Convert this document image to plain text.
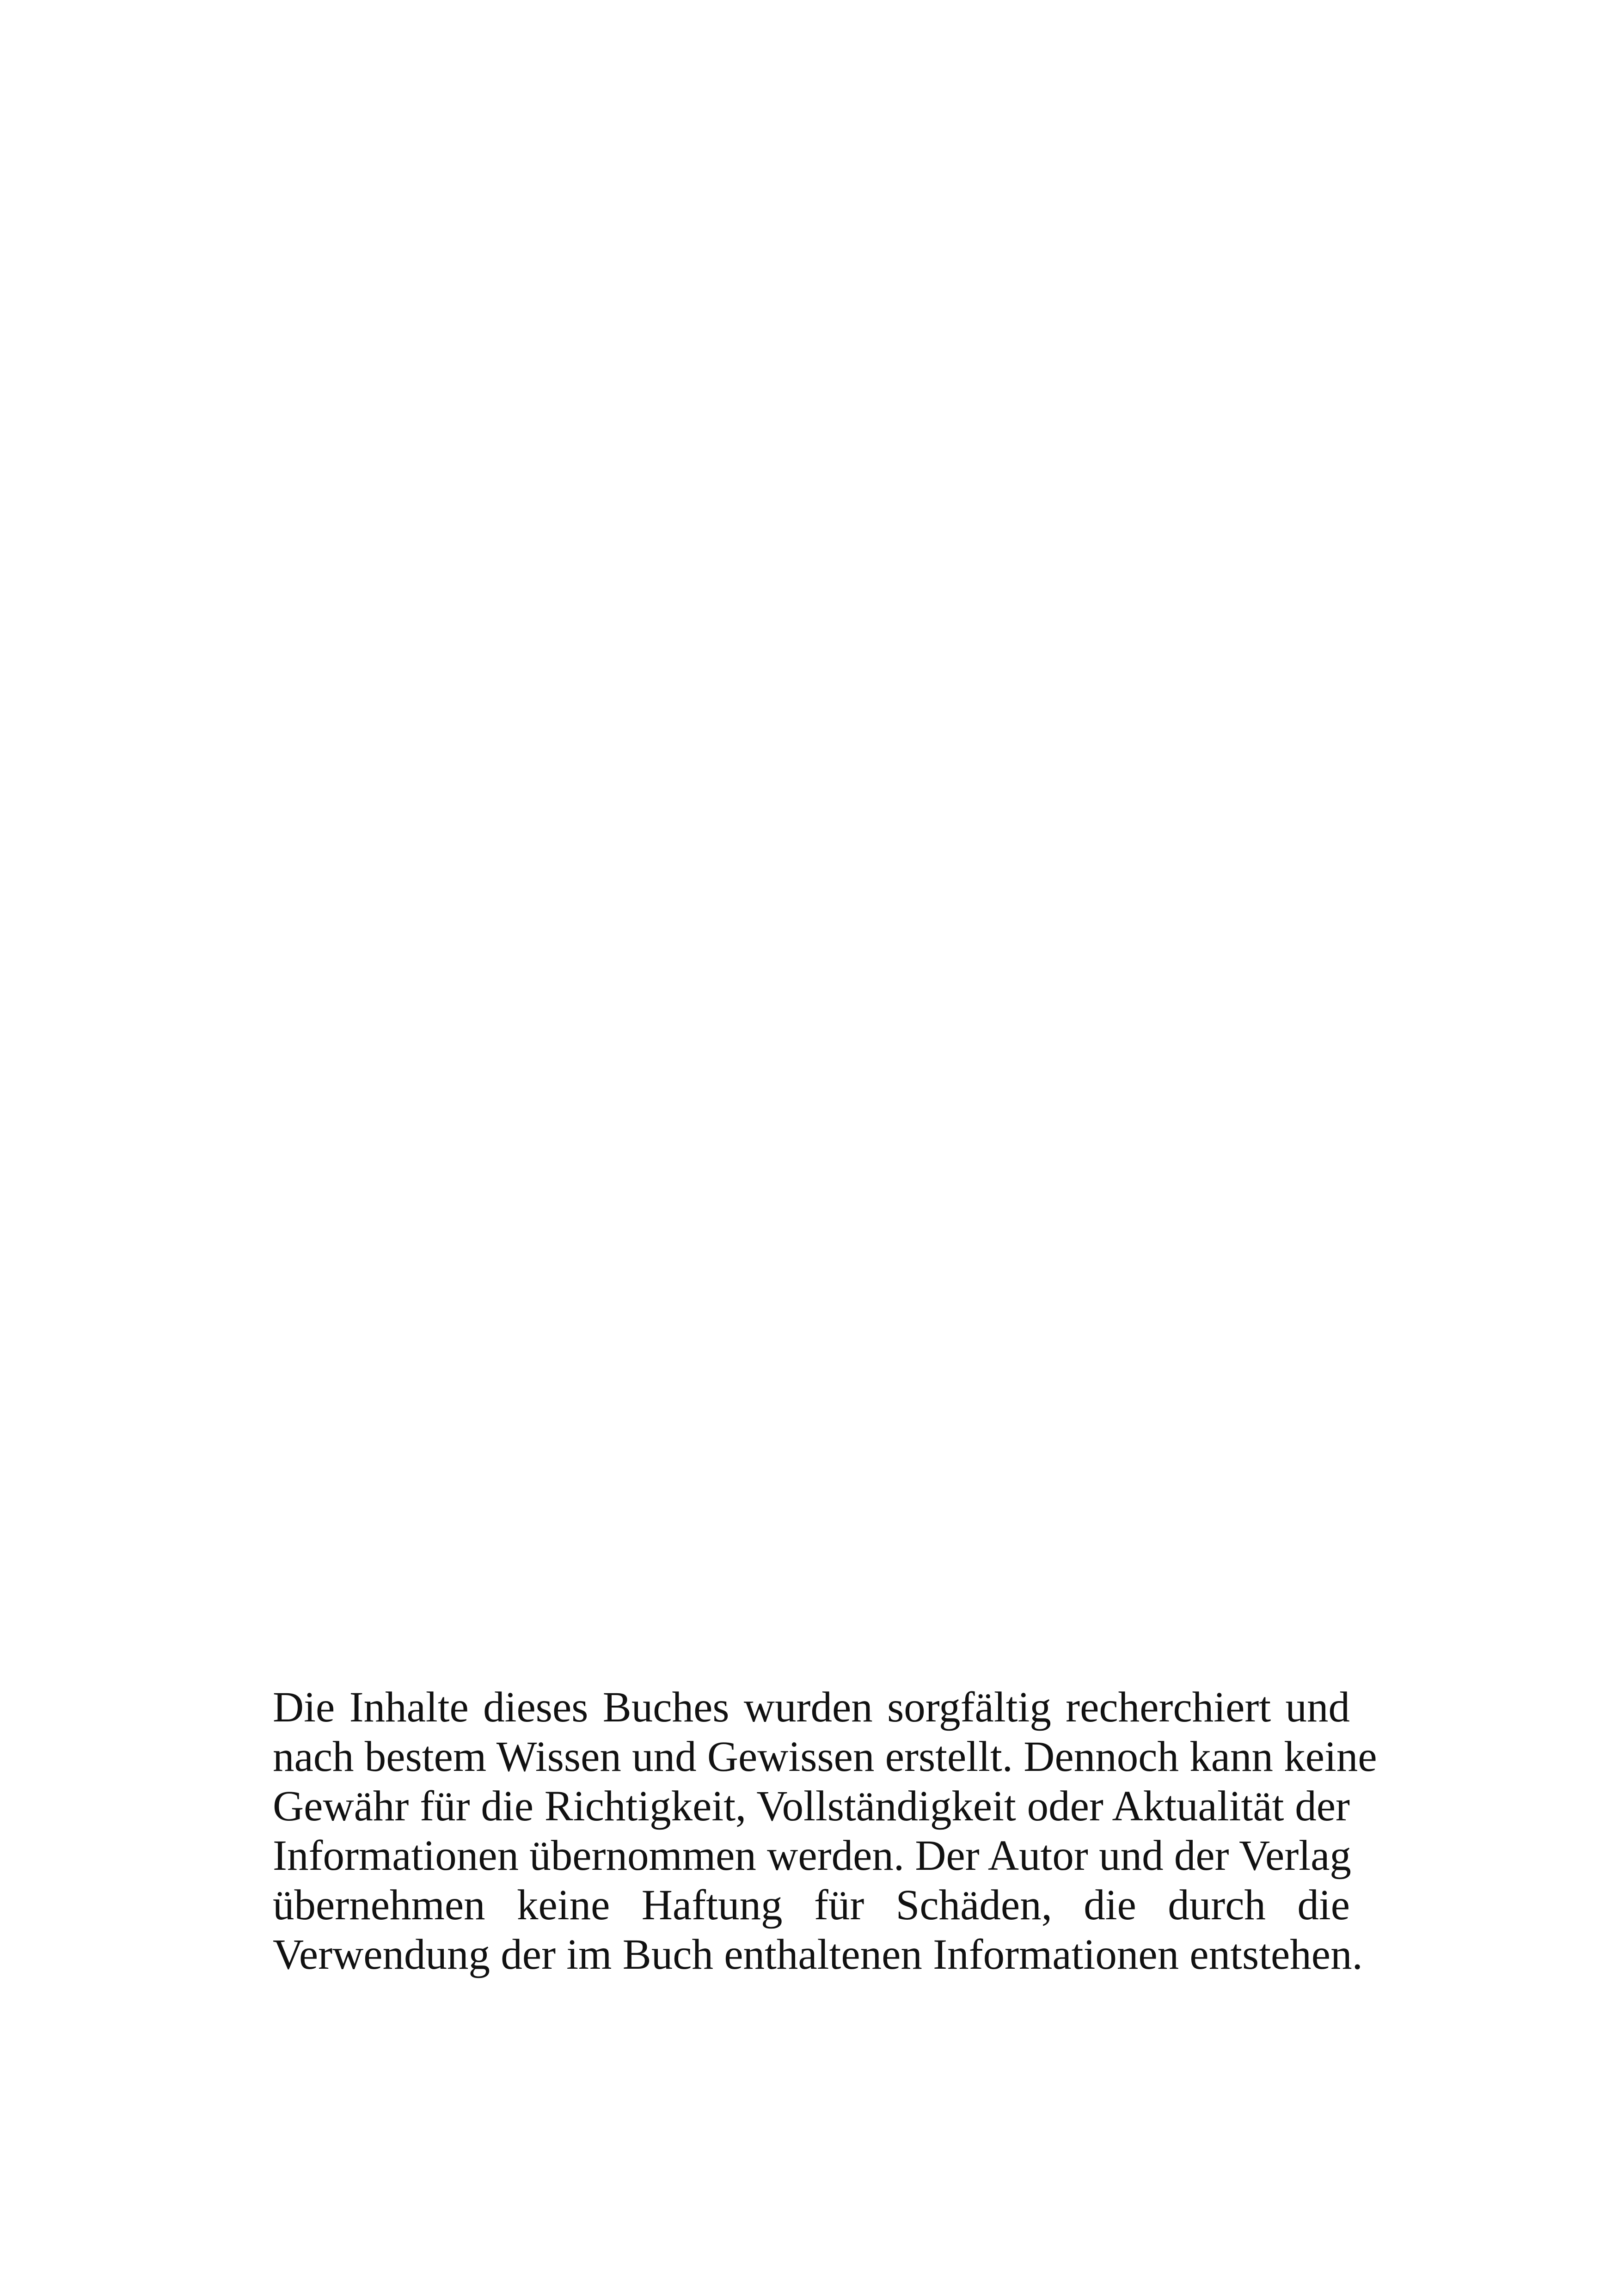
Die Inhalte dieses Buches wurden sorgfältig recherchiert und
nach bestem Wissen und Gewissen erstellt. Dennoch kann keine
Gewähr für die Richtigkeit, Vollständigkeit oder Aktualität der
Informationen übernommen werden. Der Autor und der Verlag
übernehmen keine Haftung für Schäden, die durch die
Verwendung der im Buch enthaltenen Informationen entstehen.
